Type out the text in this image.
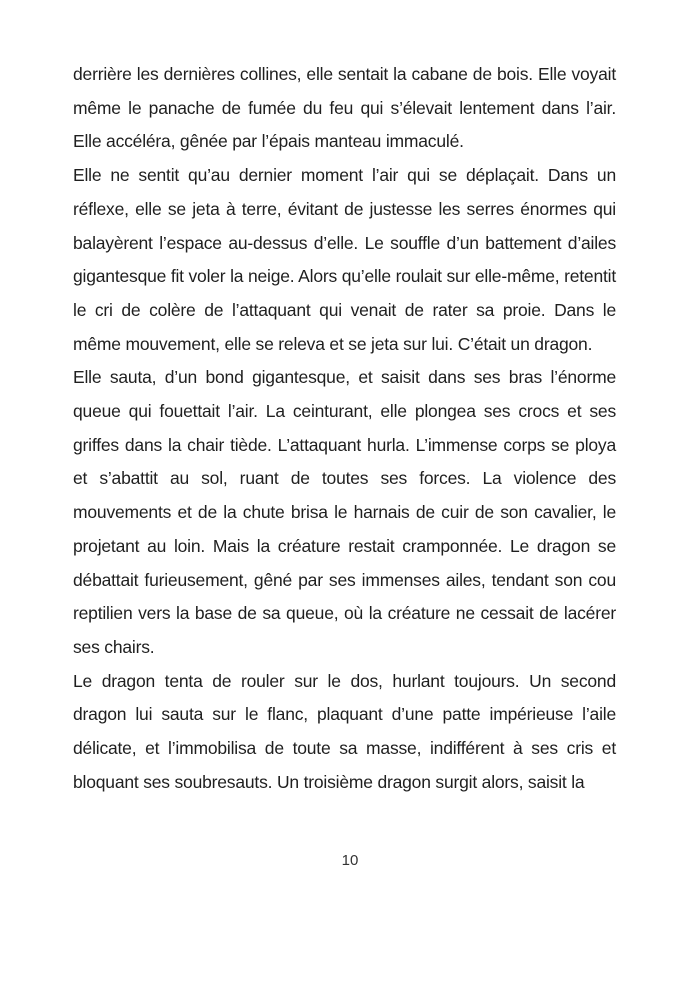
derrière les dernières collines, elle sentait la cabane de bois. Elle voyait même le panache de fumée du feu qui s’élevait lentement dans l’air. Elle accéléra, gênée par l’épais manteau immaculé.

Elle ne sentit qu’au dernier moment l’air qui se déplaçait. Dans un réflexe, elle se jeta à terre, évitant de justesse les serres énormes qui balayèrent l’espace au-dessus d’elle. Le souffle d’un battement d’ailes gigantesque fit voler la neige. Alors qu’elle roulait sur elle-même, retentit le cri de colère de l’attaquant qui venait de rater sa proie. Dans le même mouvement, elle se releva et se jeta sur lui. C’était un dragon.

Elle sauta, d’un bond gigantesque, et saisit dans ses bras l’énorme queue qui fouettait l’air. La ceinturant, elle plongea ses crocs et ses griffes dans la chair tiède. L’attaquant hurla. L’immense corps se ploya et s’abattit au sol, ruant de toutes ses forces. La violence des mouvements et de la chute brisa le harnais de cuir de son cavalier, le projetant au loin. Mais la créature restait cramponnée. Le dragon se débattait furieusement, gêné par ses immenses ailes, tendant son cou reptilien vers la base de sa queue, où la créature ne cessait de lacérer ses chairs.

Le dragon tenta de rouler sur le dos, hurlant toujours. Un second dragon lui sauta sur le flanc, plaquant d’une patte impérieuse l’aile délicate, et l’immobilisa de toute sa masse, indifférent à ses cris et bloquant ses soubresauts. Un troisième dragon surgit alors, saisit la

10
